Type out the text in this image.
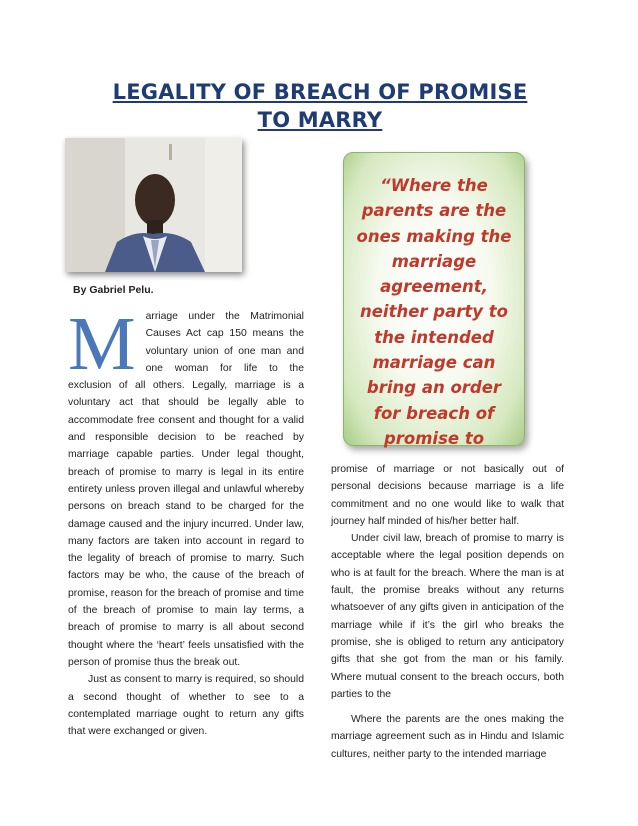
LEGALITY OF BREACH OF PROMISE
TO MARRY
By Gabriel Pelu.

Marriage under the Matrimonial Causes Act cap 150 means the voluntary union of one man and one woman for life to the exclusion of all others. Legally, marriage is a voluntary act that should be legally able to accommodate free consent and thought for a valid and responsible decision to be reached by marriage capable parties. Under legal thought, breach of promise to marry is legal in its entire entirety unless proven illegal and unlawful whereby persons on breach stand to be charged for the damage caused and the injury incurred. Under law, many factors are taken into account in regard to the legality of breach of promise to marry. Such factors may be who, the cause of the breach of promise, reason for the breach of promise and time of the breach of promise to main lay terms, a breach of promise to marry is all about second thought where the ‘heart’ feels unsatisfied with the person of promise thus the break out.

Just as consent to marry is required, so should a second thought of whether to see to a contemplated marriage ought to return any gifts that were exchanged or given.

“Where the parents are the ones making the marriage agreement, neither party to the intended marriage can bring an order for breach of promise to

promise of marriage or not basically out of personal decisions because marriage is a life commitment and no one would like to walk that journey half minded of his/her better half.

Under civil law, breach of promise to marry is acceptable where the legal position depends on who is at fault for the breach. Where the man is at fault, the promise breaks without any returns whatsoever of any gifts given in anticipation of the marriage while if it’s the girl who breaks the promise, she is obliged to return any anticipatory gifts that she got from the man or his family. Where mutual consent to the breach occurs, both parties to the

Where the parents are the ones making the marriage agreement such as in Hindu and Islamic cultures, neither party to the intended marriage
